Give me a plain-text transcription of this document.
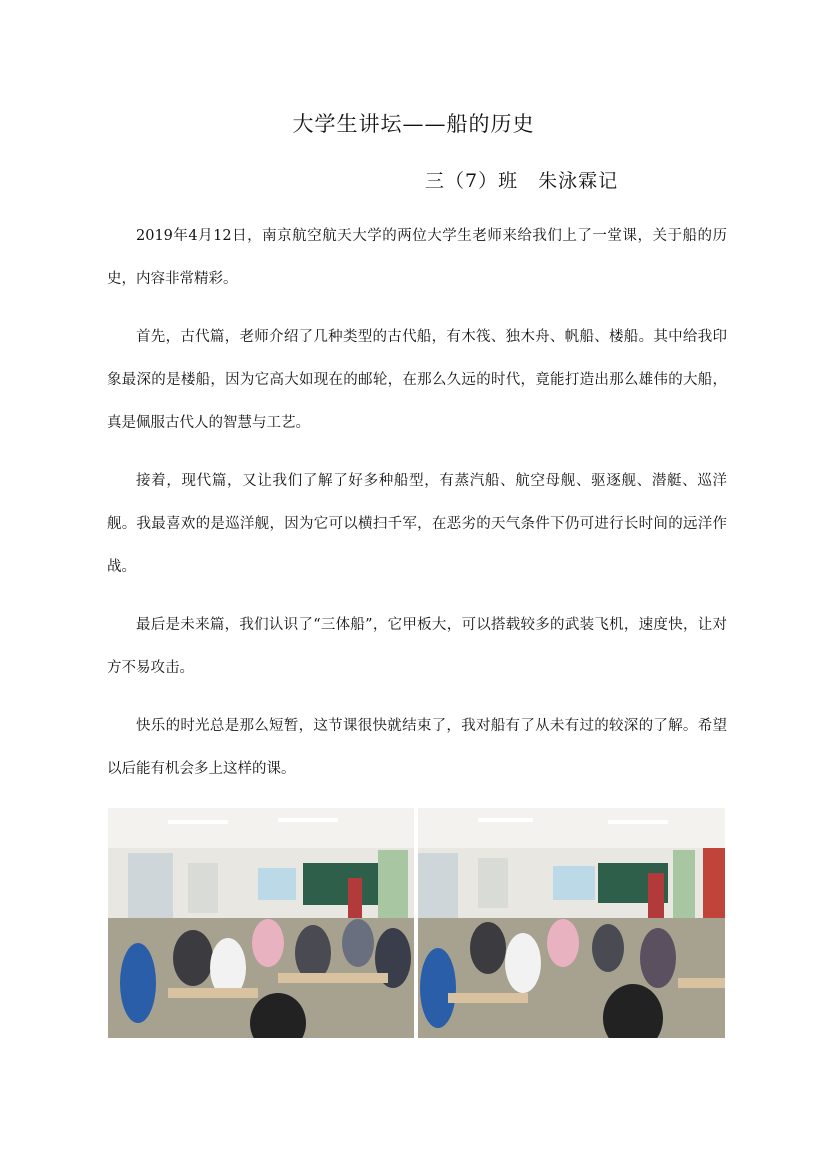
大学生讲坛——船的历史
三（7）班 朱泳霖记

2019年4月12日，南京航空航天大学的两位大学生老师来给我们上了一堂课，关于船的历史，内容非常精彩。

首先，古代篇，老师介绍了几种类型的古代船，有木筏、独木舟、帆船、楼船。其中给我印象最深的是楼船，因为它高大如现在的邮轮，在那么久远的时代，竟能打造出那么雄伟的大船，真是佩服古代人的智慧与工艺。

接着，现代篇，又让我们了解了好多种船型，有蒸汽船、航空母舰、驱逐舰、潜艇、巡洋舰。我最喜欢的是巡洋舰，因为它可以横扫千军，在恶劣的天气条件下仍可进行长时间的远洋作战。

最后是未来篇，我们认识了“三体船”，它甲板大，可以搭载较多的武装飞机，速度快，让对方不易攻击。

快乐的时光总是那么短暂，这节课很快就结束了，我对船有了从未有过的较深的了解。希望以后能有机会多上这样的课。
